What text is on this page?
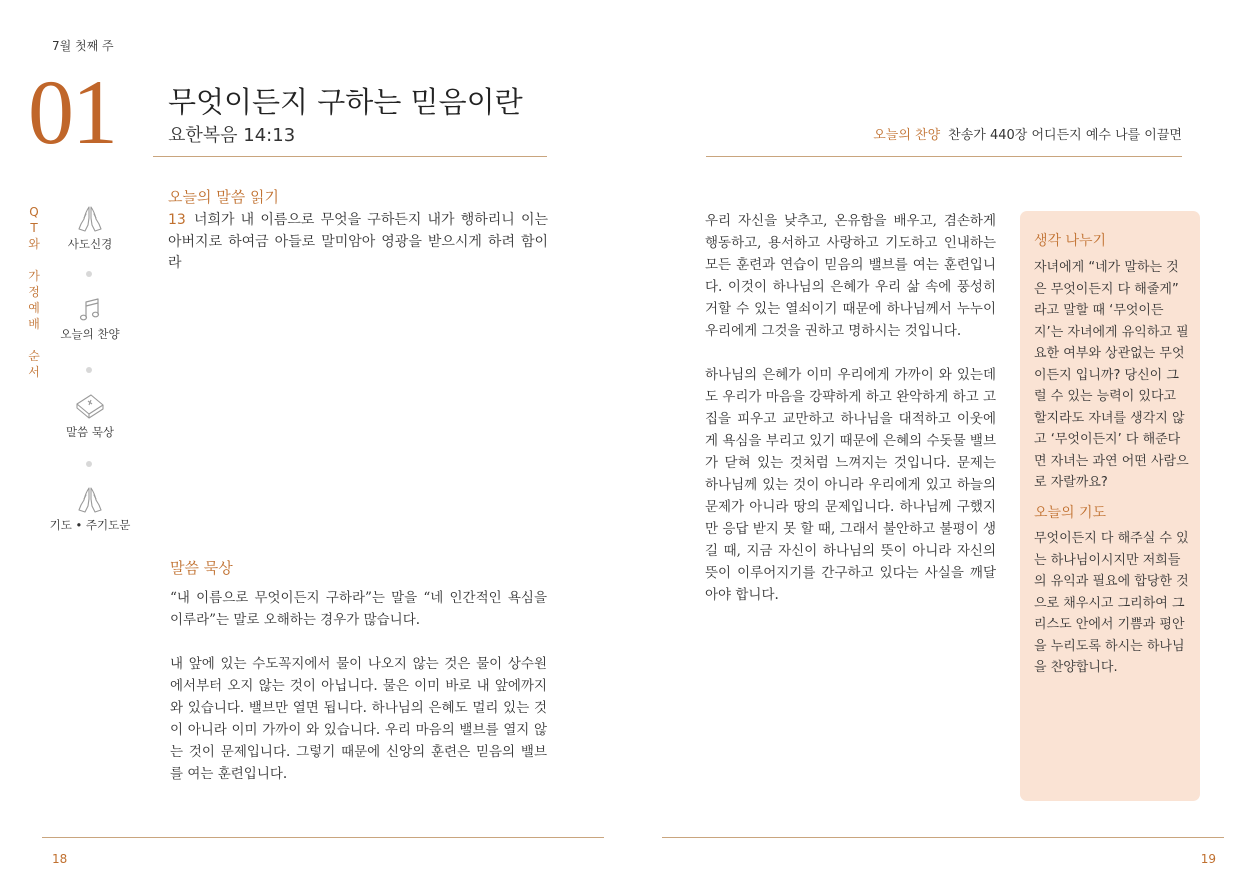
7월 첫째 주
01 무엇이든지 구하는 믿음이란
요한복음 14:13	오늘의 찬양 찬송가 440장 어디든지 예수 나를 이끌면
Q
T
와
가
정
예
배
순
서
사도신경
오늘의 찬양
말씀 묵상
기도 • 주기도문
오늘의 말씀 읽기
13 너희가 내 이름으로 무엇을 구하든지 내가 행하리니 이는 아버지로 하여금 아들로 말미암아 영광을 받으시게 하려 함이라
말씀 묵상

“내 이름으로 무엇이든지 구하라”는 말을 “네 인간적인 욕심을 이루라”는 말로 오해하는 경우가 많습니다.

내 앞에 있는 수도꼭지에서 물이 나오지 않는 것은 물이 상수원에서부터 오지 않는 것이 아닙니다. 물은 이미 바로 내 앞에까지 와 있습니다. 밸브만 열면 됩니다. 하나님의 은혜도 멀리 있는 것이 아니라 이미 가까이 와 있습니다. 우리 마음의 밸브를 열지 않는 것이 문제입니다. 그렇기 때문에 신앙의 훈련은 믿음의 밸브를 여는 훈련입니다.

우리 자신을 낮추고, 온유함을 배우고, 겸손하게 행동하고, 용서하고 사랑하고 기도하고 인내하는 모든 훈련과 연습이 믿음의 밸브를 여는 훈련입니다. 이것이 하나님의 은혜가 우리 삶 속에 풍성히 거할 수 있는 열쇠이기 때문에 하나님께서 누누이 우리에게 그것을 권하고 명하시는 것입니다.

하나님의 은혜가 이미 우리에게 가까이 와 있는데도 우리가 마음을 강퍅하게 하고 완악하게 하고 고집을 피우고 교만하고 하나님을 대적하고 이웃에게 욕심을 부리고 있기 때문에 은혜의 수돗물 밸브가 닫혀 있는 것처럼 느껴지는 것입니다. 문제는 하나님께 있는 것이 아니라 우리에게 있고 하늘의 문제가 아니라 땅의 문제입니다. 하나님께 구했지만 응답 받지 못 할 때, 그래서 불안하고 불평이 생길 때, 지금 자신이 하나님의 뜻이 아니라 자신의 뜻이 이루어지기를 간구하고 있다는 사실을 깨달아야 합니다.

생각 나누기
자녀에게 “네가 말하는 것은 무엇이든지 다 해줄게” 라고 말할 때 ‘무엇이든지’는 자녀에게 유익하고 필요한 여부와 상관없는 무엇이든지 입니까? 당신이 그럴 수 있는 능력이 있다고 할지라도 자녀를 생각지 않고 ‘무엇이든지’ 다 해준다면 자녀는 과연 어떤 사람으로 자랄까요?
오늘의 기도
무엇이든지 다 해주실 수 있는 하나님이시지만 저희들의 유익과 필요에 합당한 것으로 채우시고 그리하여 그리스도 안에서 기쁨과 평안을 누리도록 하시는 하나님을 찬양합니다.
18	19
